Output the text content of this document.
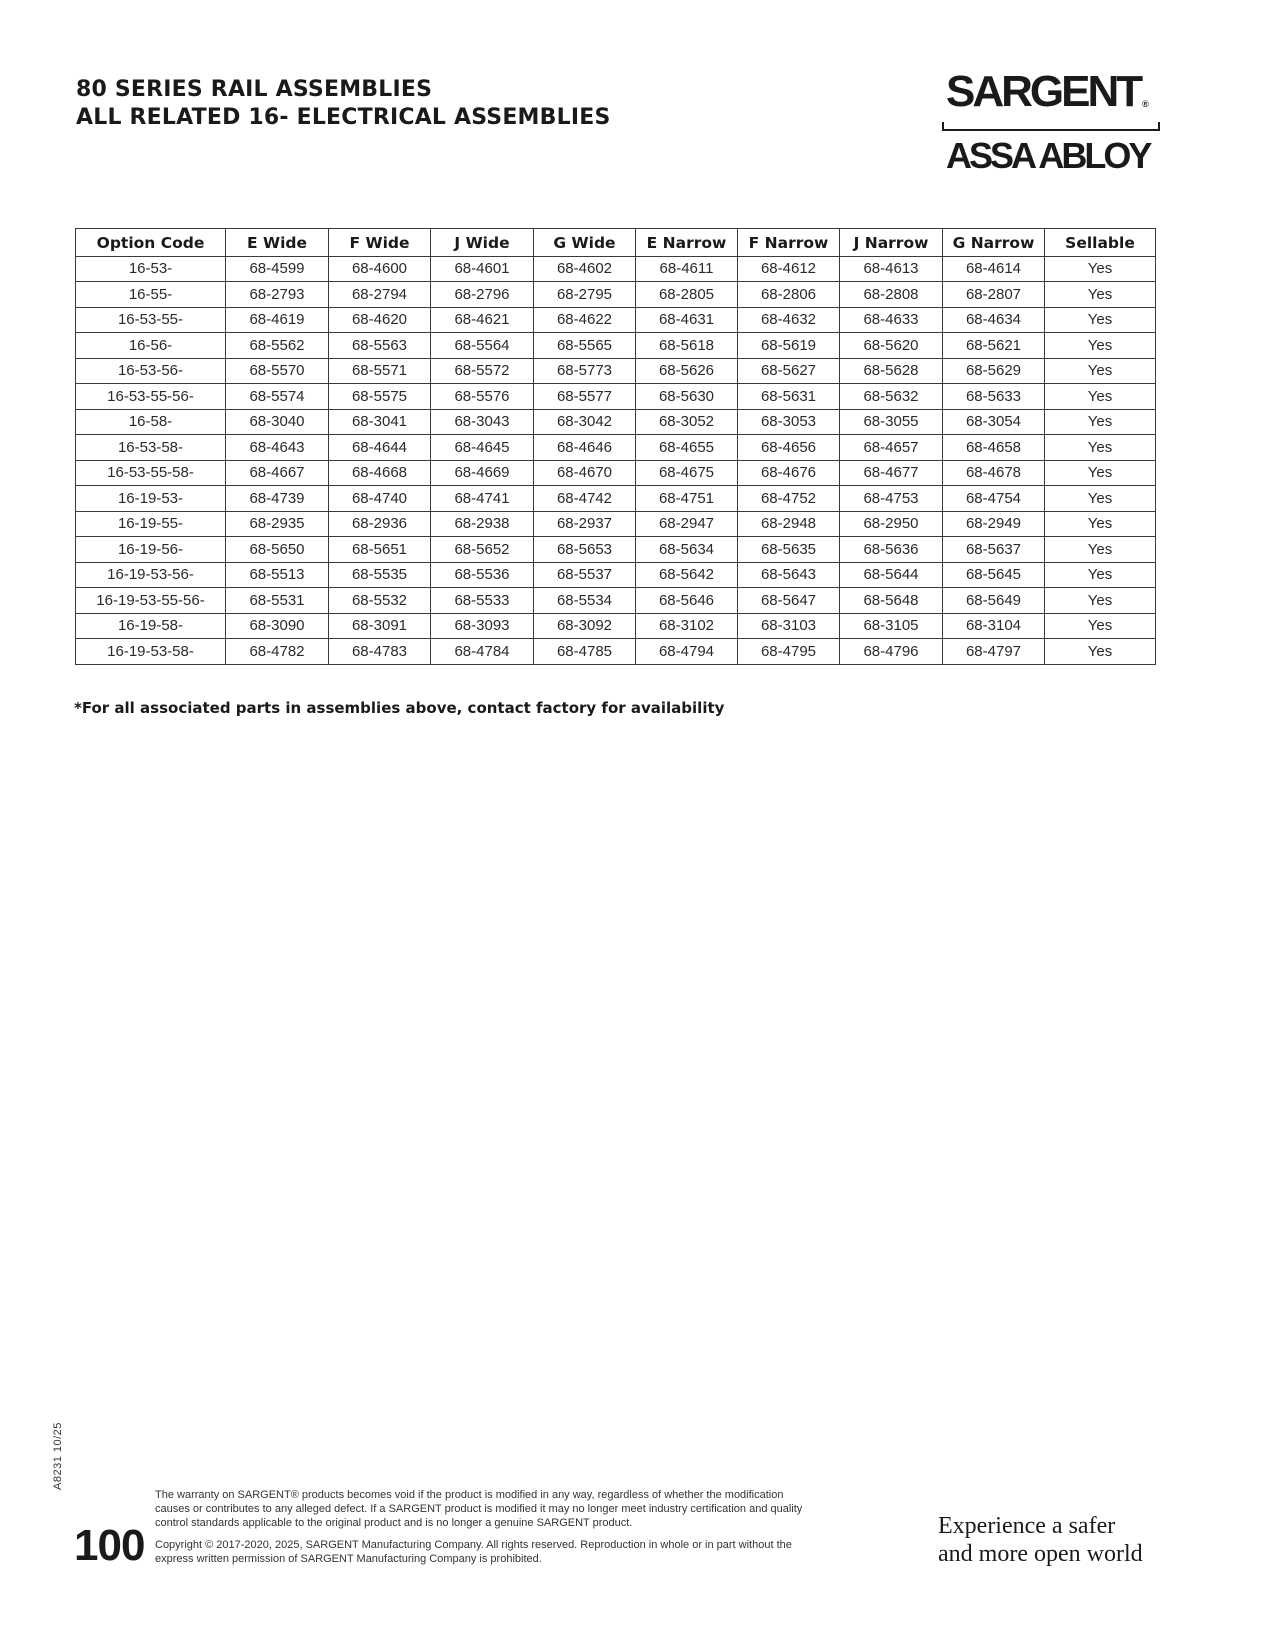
80 SERIES RAIL ASSEMBLIES
ALL RELATED 16- ELECTRICAL ASSEMBLIES
SARGENT ®
ASSA ABLOY
Option Code	E Wide	F Wide	J Wide	G Wide	E Narrow	F Narrow	J Narrow	G Narrow	Sellable
16-53-	68-4599	68-4600	68-4601	68-4602	68-4611	68-4612	68-4613	68-4614	Yes
16-55-	68-2793	68-2794	68-2796	68-2795	68-2805	68-2806	68-2808	68-2807	Yes
16-53-55-	68-4619	68-4620	68-4621	68-4622	68-4631	68-4632	68-4633	68-4634	Yes
16-56-	68-5562	68-5563	68-5564	68-5565	68-5618	68-5619	68-5620	68-5621	Yes
16-53-56-	68-5570	68-5571	68-5572	68-5773	68-5626	68-5627	68-5628	68-5629	Yes
16-53-55-56-	68-5574	68-5575	68-5576	68-5577	68-5630	68-5631	68-5632	68-5633	Yes
16-58-	68-3040	68-3041	68-3043	68-3042	68-3052	68-3053	68-3055	68-3054	Yes
16-53-58-	68-4643	68-4644	68-4645	68-4646	68-4655	68-4656	68-4657	68-4658	Yes
16-53-55-58-	68-4667	68-4668	68-4669	68-4670	68-4675	68-4676	68-4677	68-4678	Yes
16-19-53-	68-4739	68-4740	68-4741	68-4742	68-4751	68-4752	68-4753	68-4754	Yes
16-19-55-	68-2935	68-2936	68-2938	68-2937	68-2947	68-2948	68-2950	68-2949	Yes
16-19-56-	68-5650	68-5651	68-5652	68-5653	68-5634	68-5635	68-5636	68-5637	Yes
16-19-53-56-	68-5513	68-5535	68-5536	68-5537	68-5642	68-5643	68-5644	68-5645	Yes
16-19-53-55-56-	68-5531	68-5532	68-5533	68-5534	68-5646	68-5647	68-5648	68-5649	Yes
16-19-58-	68-3090	68-3091	68-3093	68-3092	68-3102	68-3103	68-3105	68-3104	Yes
16-19-53-58-	68-4782	68-4783	68-4784	68-4785	68-4794	68-4795	68-4796	68-4797	Yes
*For all associated parts in assemblies above, contact factory for availability
A8231 10/25
100
The warranty on SARGENT® products becomes void if the product is modified in any way, regardless of whether the modification causes or contributes to any alleged defect. If a SARGENT product is modified it may no longer meet industry certification and quality control standards applicable to the original product and is no longer a genuine SARGENT product.
Copyright © 2017-2020, 2025, SARGENT Manufacturing Company. All rights reserved. Reproduction in whole or in part without the express written permission of SARGENT Manufacturing Company is prohibited.
Experience a safer
and more open world
